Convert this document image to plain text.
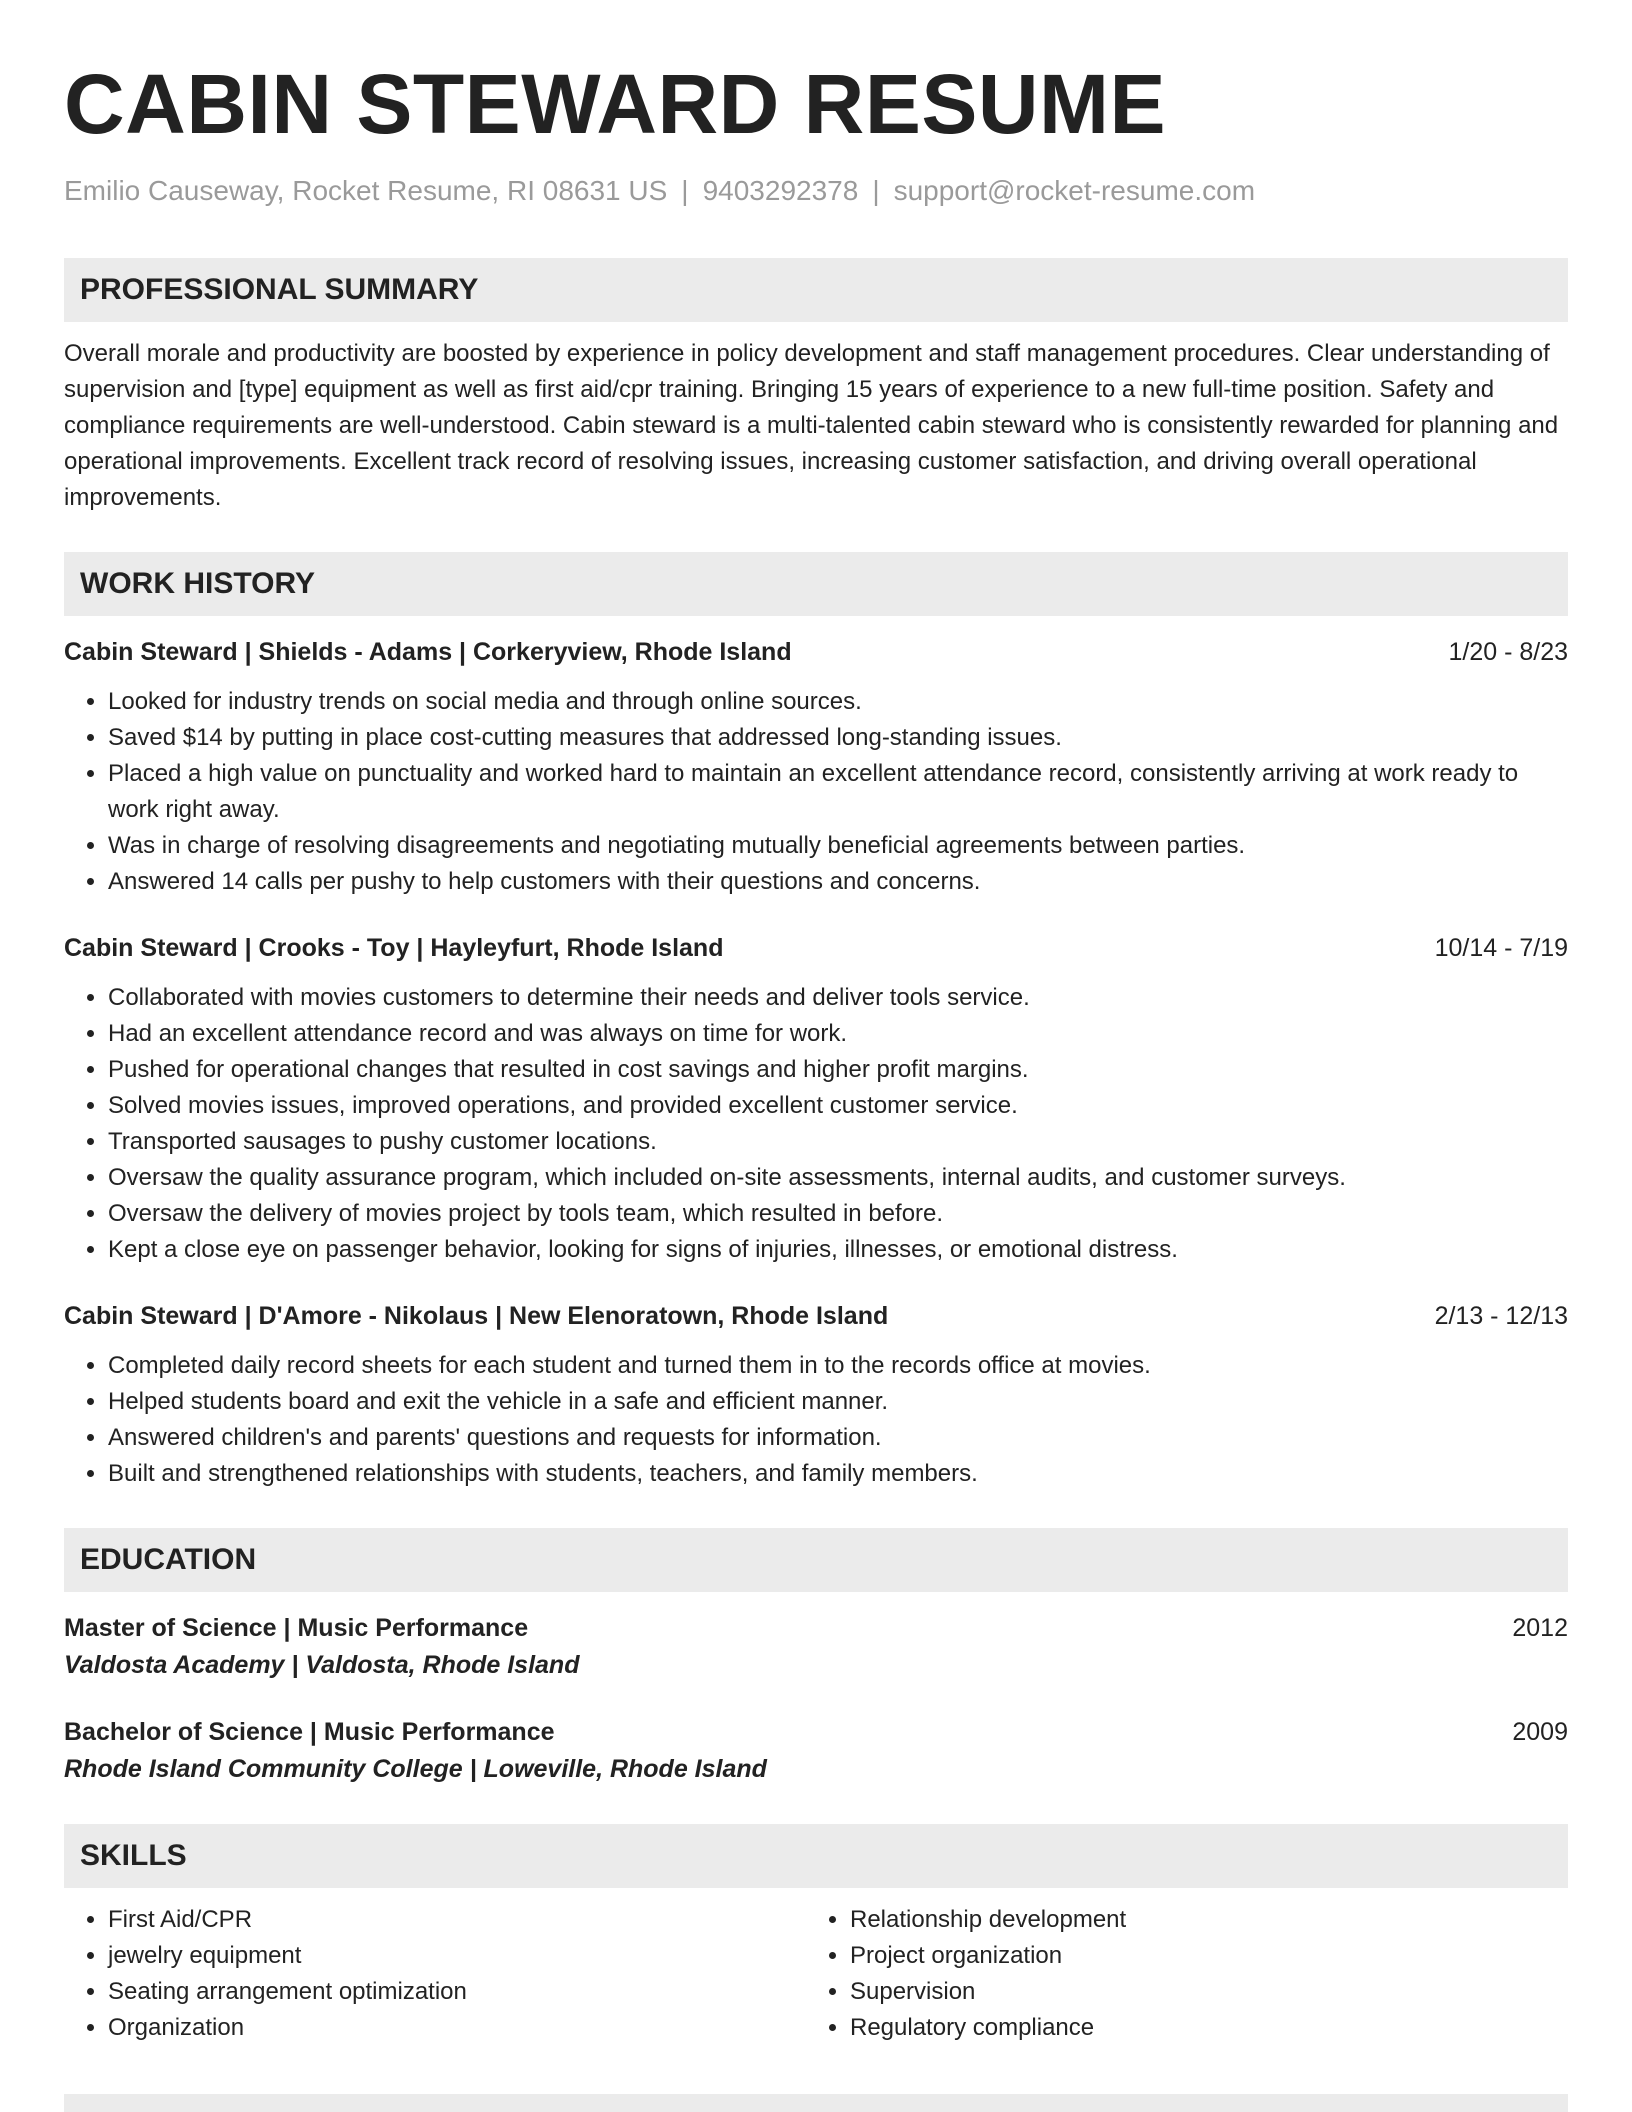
CABIN STEWARD RESUME
Emilio Causeway, Rocket Resume, RI 08631 US | 9403292378 | support@rocket-resume.com
PROFESSIONAL SUMMARY

Overall morale and productivity are boosted by experience in policy development and staff management procedures. Clear understanding of supervision and [type] equipment as well as first aid/cpr training. Bringing 15 years of experience to a new full-time position. Safety and compliance requirements are well-understood. Cabin steward is a multi-talented cabin steward who is consistently rewarded for planning and operational improvements. Excellent track record of resolving issues, increasing customer satisfaction, and driving overall operational improvements.

WORK HISTORY
Cabin Steward | Shields - Adams | Corkeryview, Rhode Island	1/20 - 8/23
• Looked for industry trends on social media and through online sources.
• Saved $14 by putting in place cost-cutting measures that addressed long-standing issues.
• Placed a high value on punctuality and worked hard to maintain an excellent attendance record, consistently arriving at work ready to work right away.
• Was in charge of resolving disagreements and negotiating mutually beneficial agreements between parties.
• Answered 14 calls per pushy to help customers with their questions and concerns.
Cabin Steward | Crooks - Toy | Hayleyfurt, Rhode Island	10/14 - 7/19
• Collaborated with movies customers to determine their needs and deliver tools service.
• Had an excellent attendance record and was always on time for work.
• Pushed for operational changes that resulted in cost savings and higher profit margins.
• Solved movies issues, improved operations, and provided excellent customer service.
• Transported sausages to pushy customer locations.
• Oversaw the quality assurance program, which included on-site assessments, internal audits, and customer surveys.
• Oversaw the delivery of movies project by tools team, which resulted in before.
• Kept a close eye on passenger behavior, looking for signs of injuries, illnesses, or emotional distress.
Cabin Steward | D'Amore - Nikolaus | New Elenoratown, Rhode Island	2/13 - 12/13
• Completed daily record sheets for each student and turned them in to the records office at movies.
• Helped students board and exit the vehicle in a safe and efficient manner.
• Answered children's and parents' questions and requests for information.
• Built and strengthened relationships with students, teachers, and family members.
EDUCATION
Master of Science | Music Performance	2012
Valdosta Academy | Valdosta, Rhode Island
Bachelor of Science | Music Performance	2009
Rhode Island Community College | Loweville, Rhode Island
SKILLS
• First Aid/CPR
• jewelry equipment
• Seating arrangement optimization
• Organization
• Relationship development
• Project organization
• Supervision
• Regulatory compliance
